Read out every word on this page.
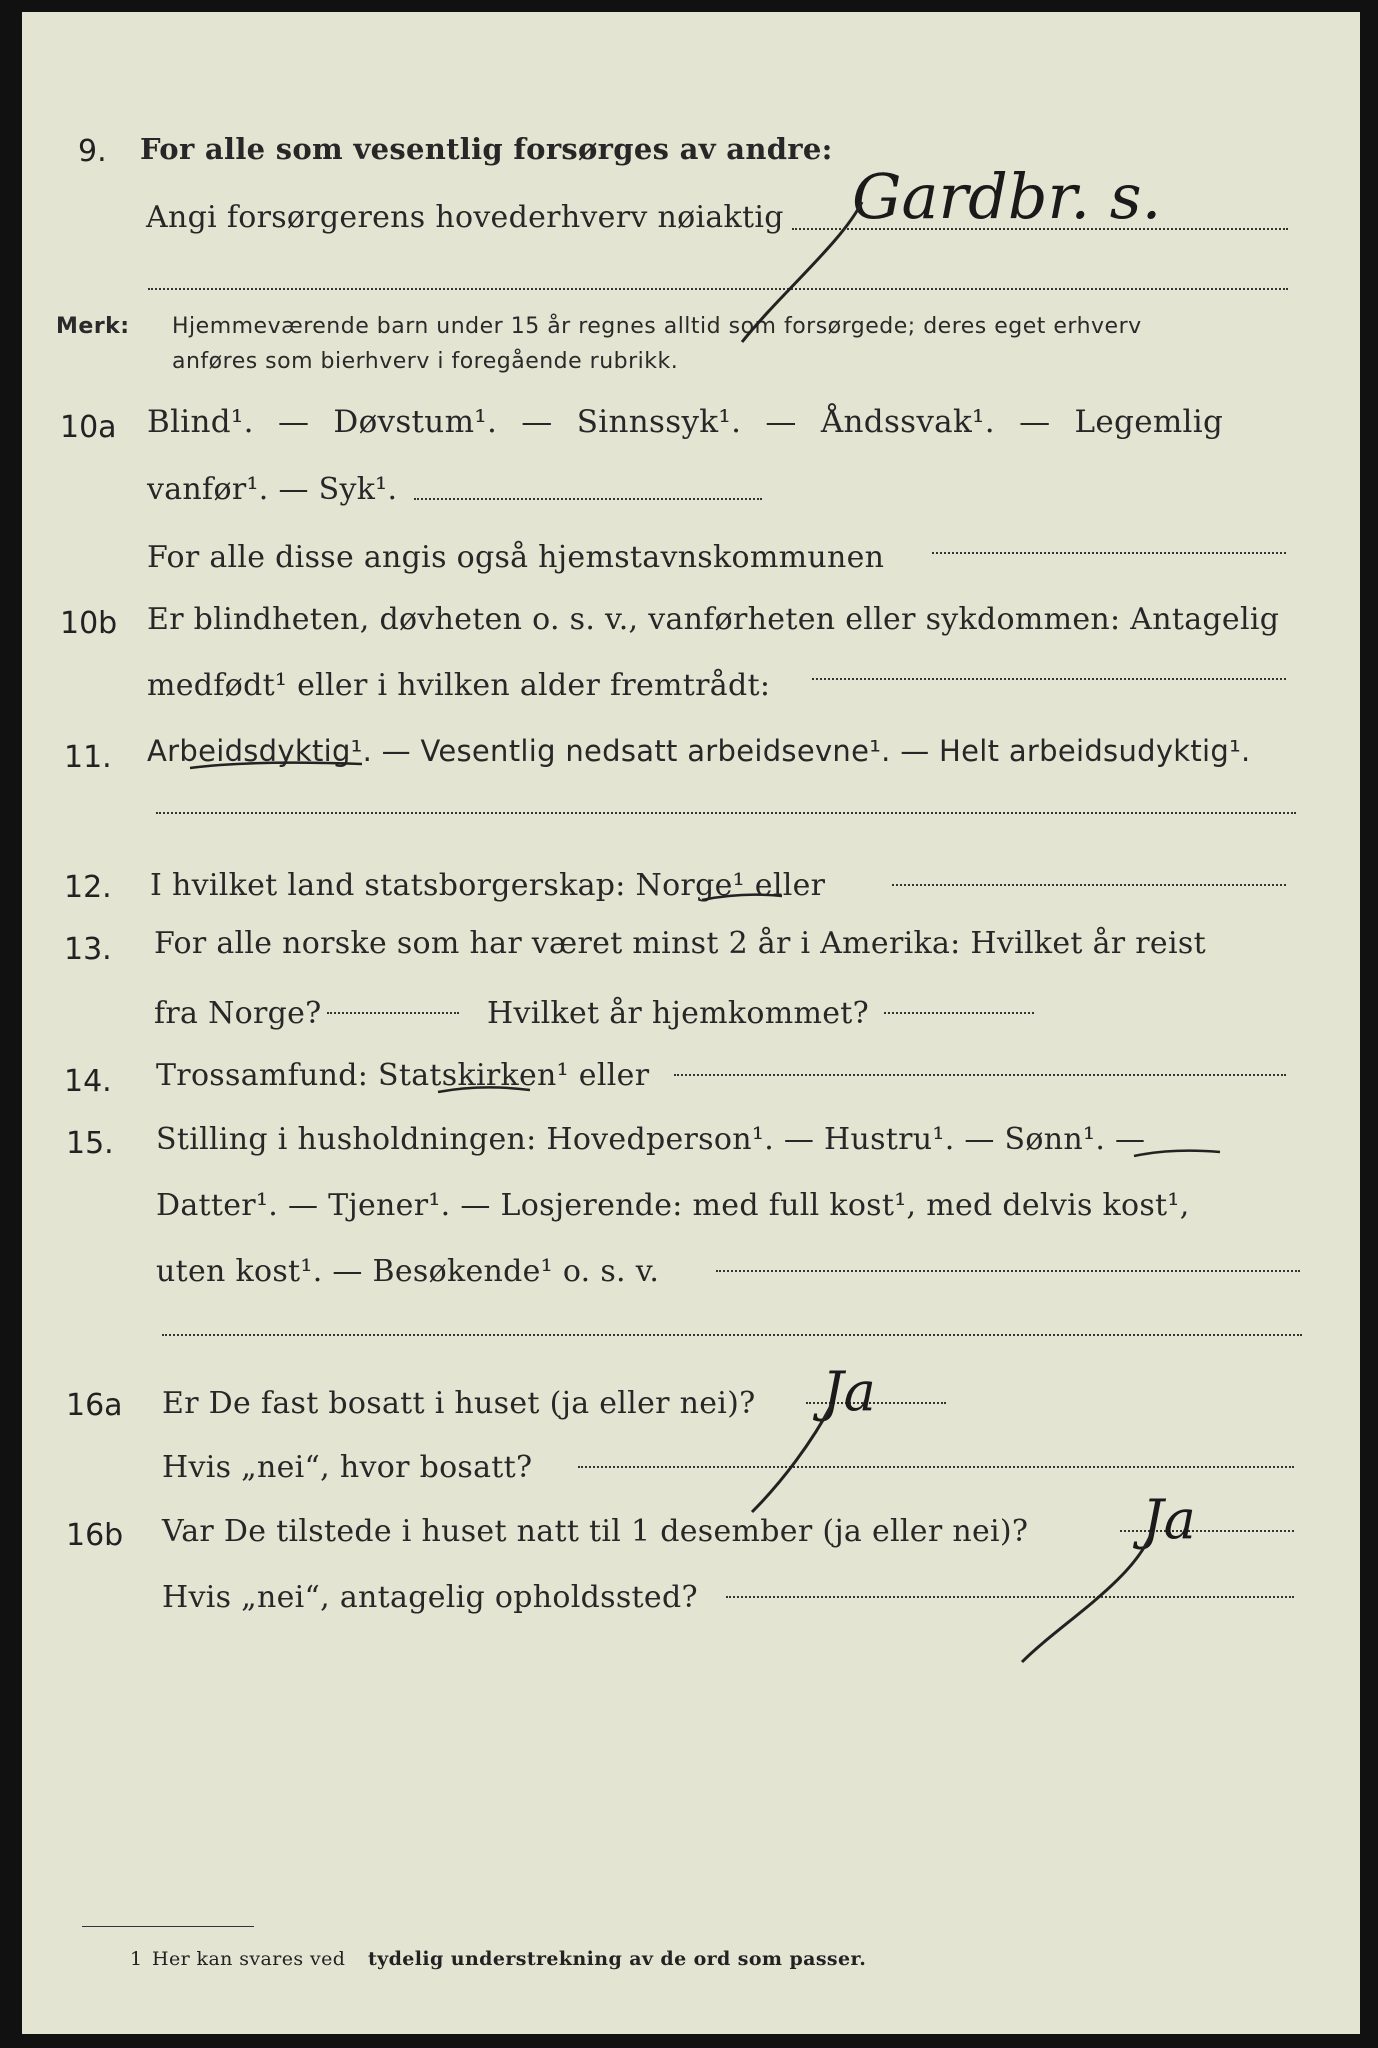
9. For alle som vesentlig forsørges av andre:
Angi forsørgerens hovederhverv nøiaktig Gardbr. s.
Merk: Hjemmeværende barn under 15 år regnes alltid som forsørgede; deres eget erhverv
anføres som bierhverv i foregående rubrikk.
10a Blind¹. — Døvstum¹. — Sinnssyk¹. — Åndssvak¹. — Legemlig
vanfør¹. — Syk¹.
For alle disse angis også hjemstavnskommunen
10b Er blindheten, døvheten o. s. v., vanførheten eller sykdommen: Antagelig
medfødt¹ eller i hvilken alder fremtrådt:
11. Arbeidsdyktig¹. — Vesentlig nedsatt arbeidsevne¹. — Helt arbeidsudyktig¹.
12. I hvilket land statsborgerskap: Norge¹ eller
13. For alle norske som har været minst 2 år i Amerika: Hvilket år reist
fra Norge?	Hvilket år hjemkommet?
14. Trossamfund: Statskirken¹ eller
15. Stilling i husholdningen: Hovedperson¹. — Hustru¹. — Sønn¹. —
Datter¹. — Tjener¹. — Losjerende: med full kost¹, med delvis kost¹,
uten kost¹. — Besøkende¹ o. s. v.
16a Er De fast bosatt i huset (ja eller nei)? Ja
Hvis „nei“, hvor bosatt?
16b Var De tilstede i huset natt til 1 desember (ja eller nei)? Ja
Hvis „nei“, antagelig opholdssted?
1 Her kan svares ved tydelig understrekning av de ord som passer.
